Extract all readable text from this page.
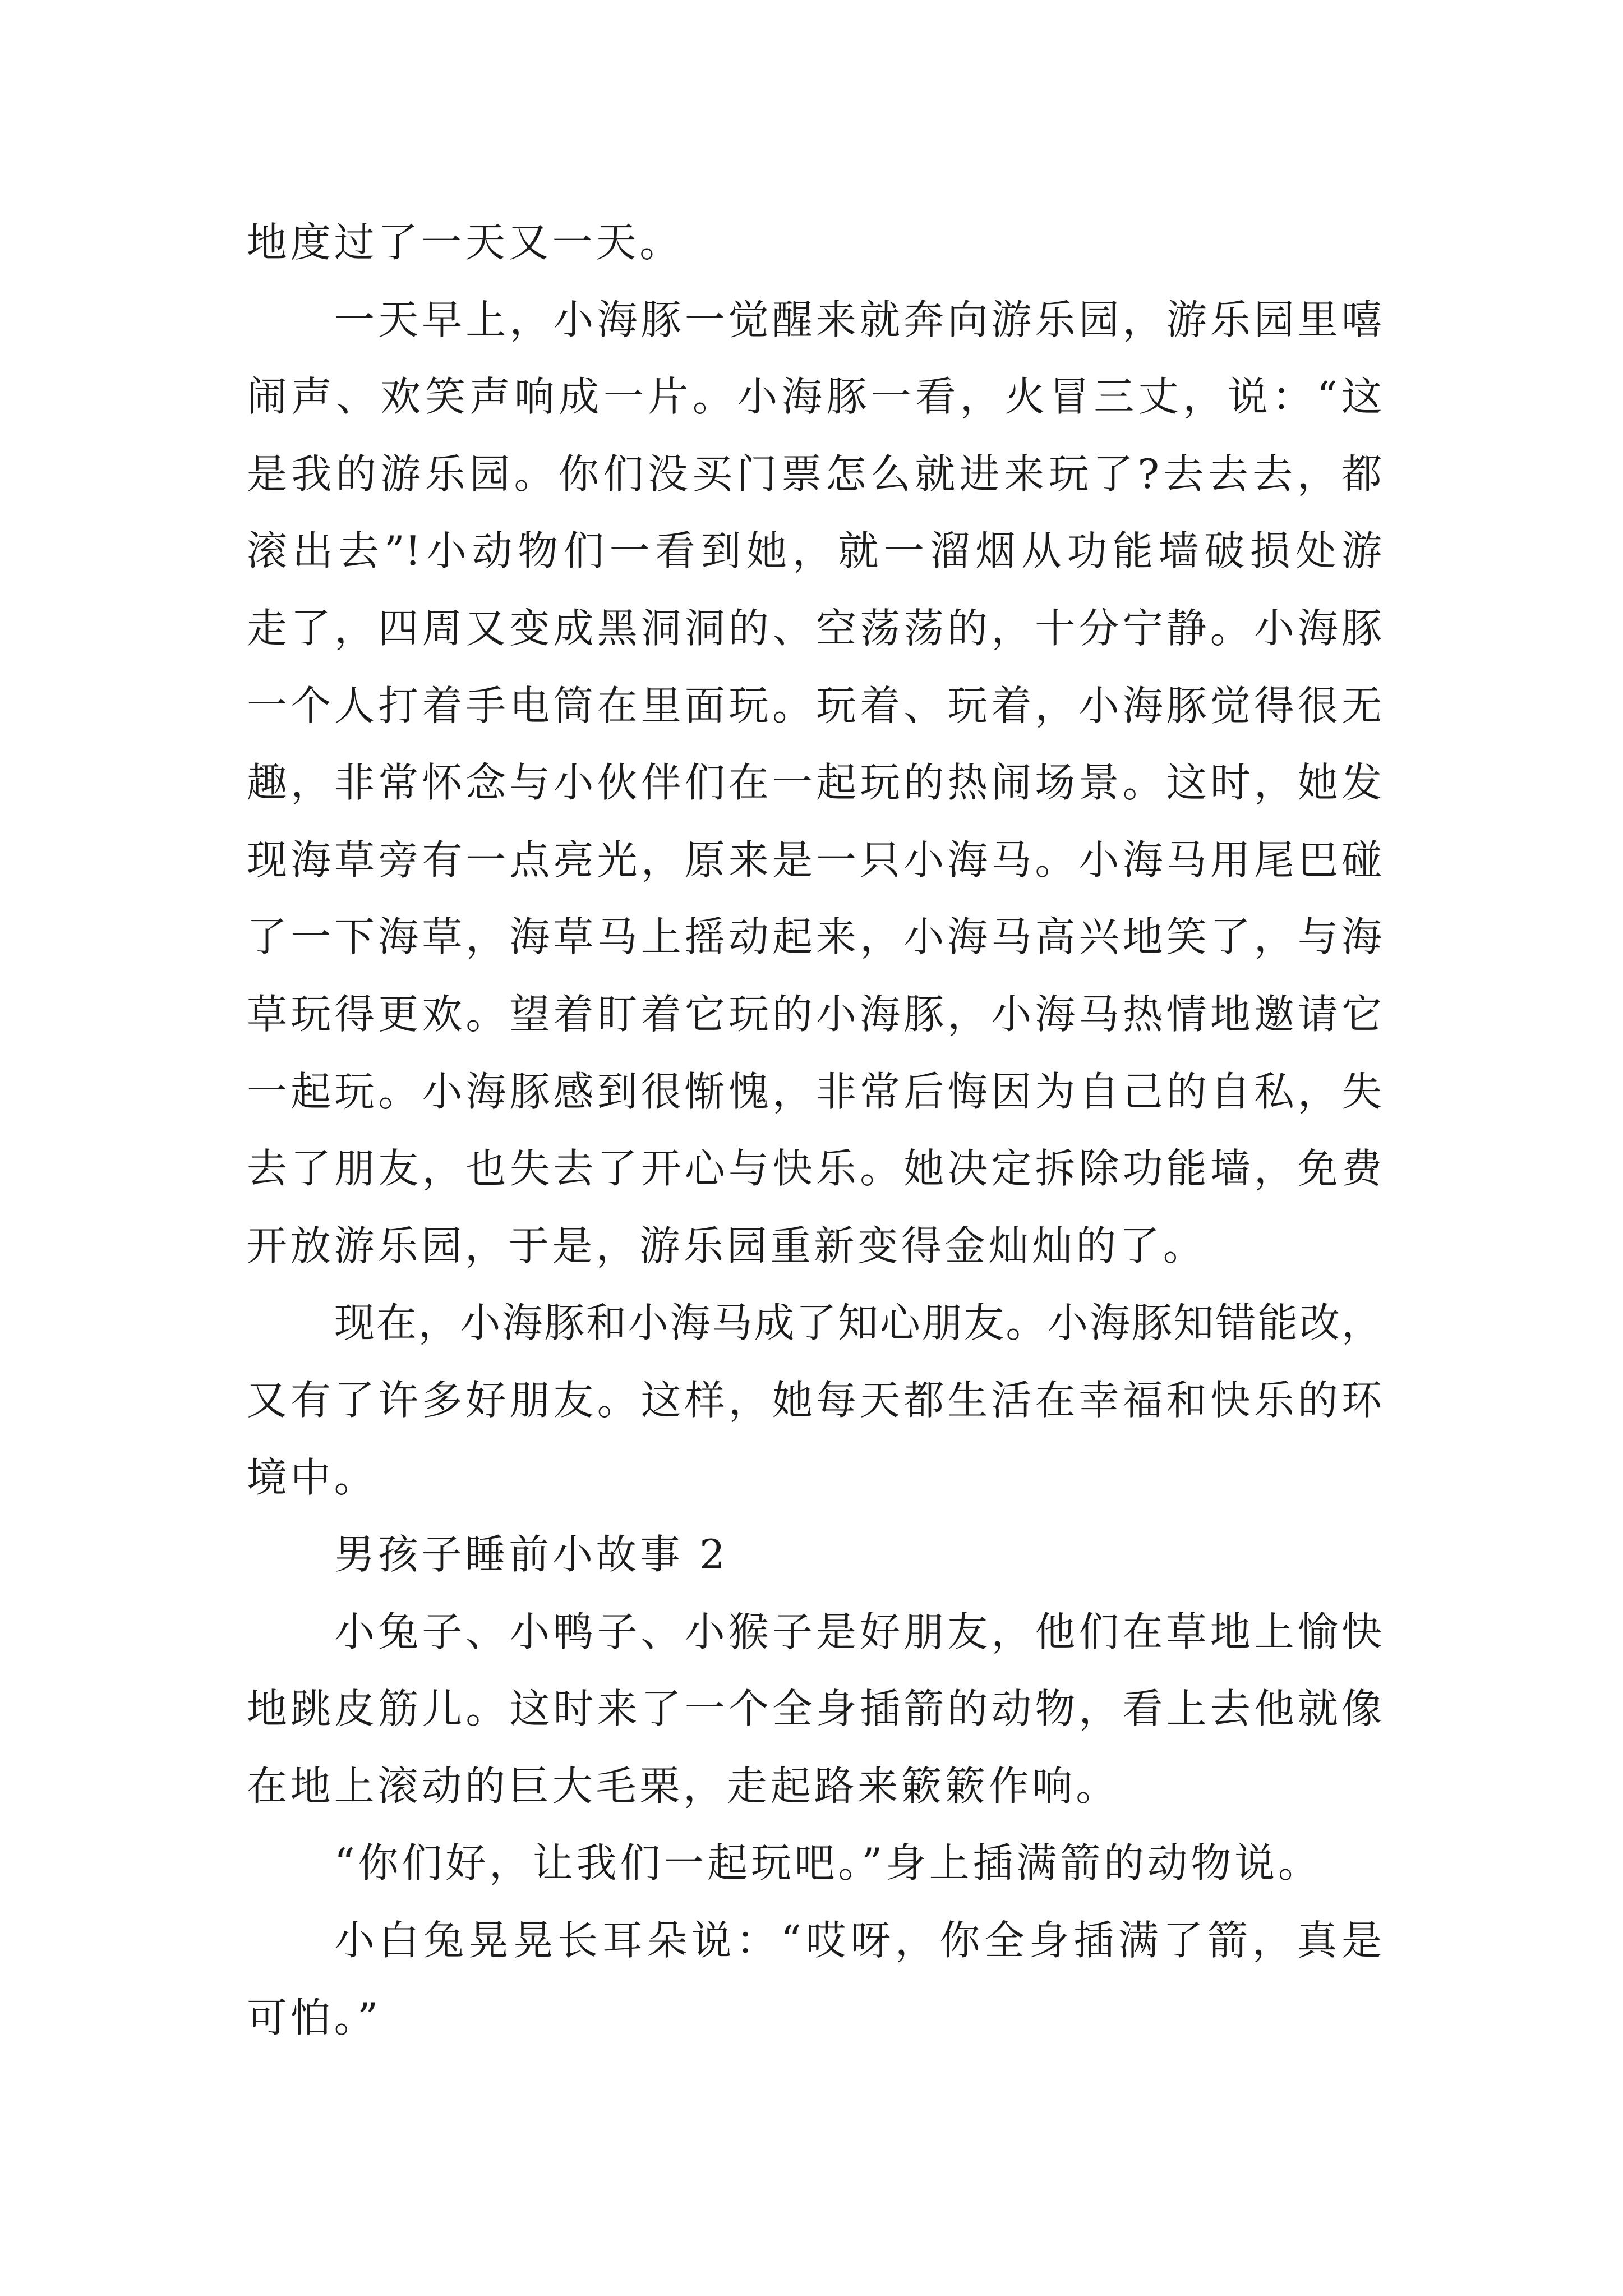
地度过了一天又一天。
一天早上，小海豚一觉醒来就奔向游乐园，游乐园里嘻
闹声、欢笑声响成一片。小海豚一看，火冒三丈，说：“这
是我的游乐园。你们没买门票怎么就进来玩了?去去去，都
滚出去”!小动物们一看到她，就一溜烟从功能墙破损处游
走了，四周又变成黑洞洞的、空荡荡的，十分宁静。小海豚
一个人打着手电筒在里面玩。玩着、玩着，小海豚觉得很无
趣，非常怀念与小伙伴们在一起玩的热闹场景。这时，她发
现海草旁有一点亮光，原来是一只小海马。小海马用尾巴碰
了一下海草，海草马上摇动起来，小海马高兴地笑了，与海
草玩得更欢。望着盯着它玩的小海豚，小海马热情地邀请它
一起玩。小海豚感到很惭愧，非常后悔因为自己的自私，失
去了朋友，也失去了开心与快乐。她决定拆除功能墙，免费
开放游乐园，于是，游乐园重新变得金灿灿的了。
现在，小海豚和小海马成了知心朋友。小海豚知错能改，
又有了许多好朋友。这样，她每天都生活在幸福和快乐的环
境中。
男孩子睡前小故事 2
小兔子、小鸭子、小猴子是好朋友，他们在草地上愉快
地跳皮筋儿。这时来了一个全身插箭的动物，看上去他就像
在地上滚动的巨大毛栗，走起路来簌簌作响。
“你们好，让我们一起玩吧。”身上插满箭的动物说。
小白兔晃晃长耳朵说：“哎呀，你全身插满了箭，真是
可怕。”
